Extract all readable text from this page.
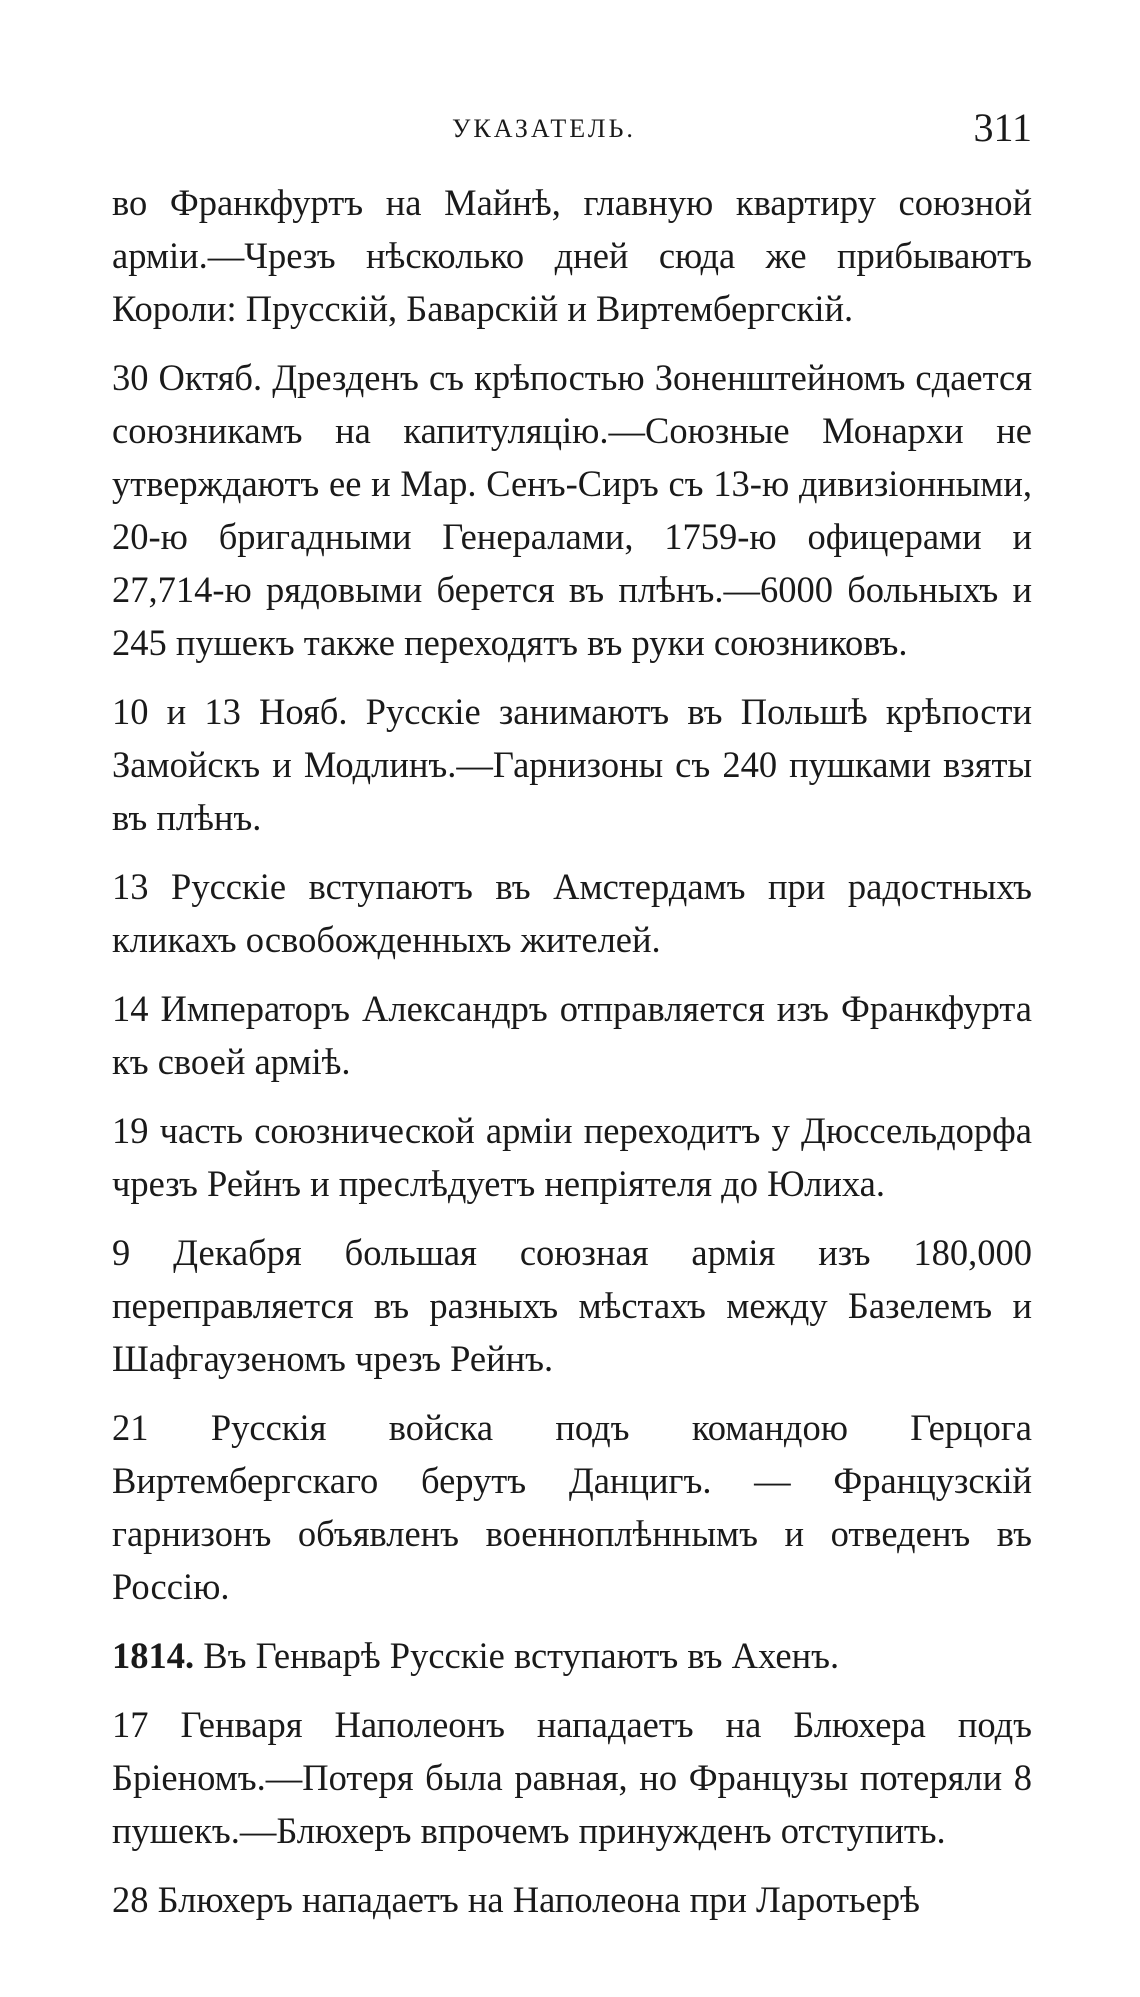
УКАЗАТЕЛЬ.	311

во Франкфуртъ на Майнѣ, главную квартиру союзной арміи.—Чрезъ нѣсколько дней сюда же прибываютъ Короли: Прусскій, Баварскій и Виртембергскій.

30 Октяб. Дрезденъ съ крѣпостью Зоненштейномъ сдается союзникамъ на капитуляцію.—Союзные Монархи не утверждаютъ ее и Мар. Сенъ-Сиръ съ 13-ю дивизіонными, 20-ю бригадными Генералами, 1759-ю офицерами и 27,714-ю рядовыми берется въ плѣнъ.—6000 больныхъ и 245 пушекъ также переходятъ въ руки союзниковъ.

10 и 13 Нояб. Русскіе занимаютъ въ Польшѣ крѣпости Замойскъ и Модлинъ.—Гарнизоны съ 240 пушками взяты въ плѣнъ.

13 Русскіе вступаютъ въ Амстердамъ при радостныхъ кликахъ освобожденныхъ жителей.

14 Императоръ Александръ отправляется изъ Франкфурта къ своей арміѣ.

19 часть союзнической арміи переходитъ у Дюссельдорфа чрезъ Рейнъ и преслѣдуетъ непріятеля до Юлиха.

9 Декабря большая союзная армія изъ 180,000 переправляется въ разныхъ мѣстахъ между Базелемъ и Шафгаузеномъ чрезъ Рейнъ.

21 Русскія войска подъ командою Герцога Виртембергскаго берутъ Данцигъ. — Французскій гарнизонъ объявленъ военноплѣннымъ и отведенъ въ Россію.

1814. Въ Генварѣ Русскіе вступаютъ въ Ахенъ.

17 Генваря Наполеонъ нападаетъ на Блюхера подъ Бріеномъ.—Потеря была равная, но Французы потеряли 8 пушекъ.—Блюхеръ впрочемъ принужденъ отступить.

28 Блюхеръ нападаетъ на Наполеона при Ларотьерѣ
